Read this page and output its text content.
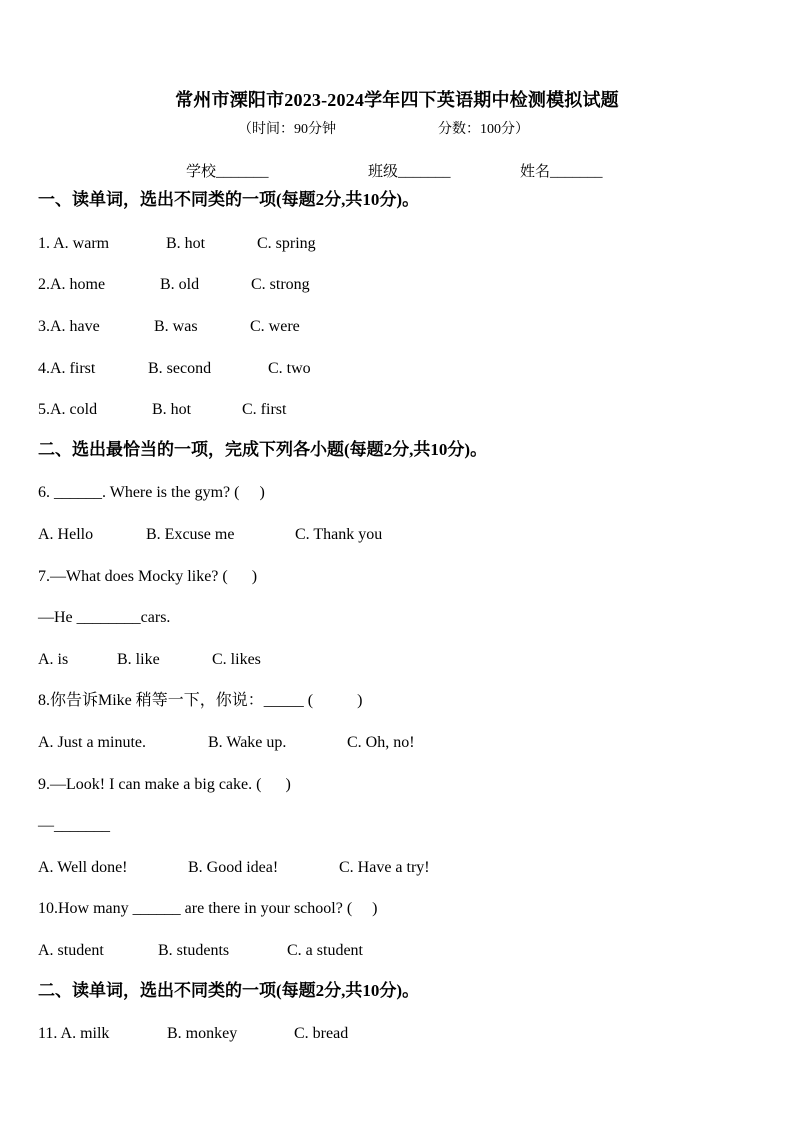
常州市溧阳市2023-2024学年四下英语期中检测模拟试题
（时间：90分钟	分数：100分）
学校_______	班级_______	姓名_______
一、读单词，选出不同类的一项(每题2分,共10分)。
1. A. warm	B. hot	C. spring
2.A. home	B. old	C. strong
3.A. have	B. was	C. were
4.A. first	B. second	C. two
5.A. cold	B. hot	C. first
二、选出最恰当的一项，完成下列各小题(每题2分,共10分)。
6. ______. Where is the gym? (     )
A. Hello	B. Excuse me	C. Thank you
7.—What does Mocky like? (      )
—He ________cars.
A. is	B. like	C. likes
8.你告诉Mike 稍等一下，你说：_____ (           )
A. Just a minute.	B. Wake up.	C. Oh, no!
9.—Look! I can make a big cake. (      )
—_______
A. Well done!	B. Good idea!	C. Have a try!
10.How many ______ are there in your school? (     )
A. student	B. students	C. a student
二、读单词，选出不同类的一项(每题2分,共10分)。
11. A. milk	B. monkey	C. bread
